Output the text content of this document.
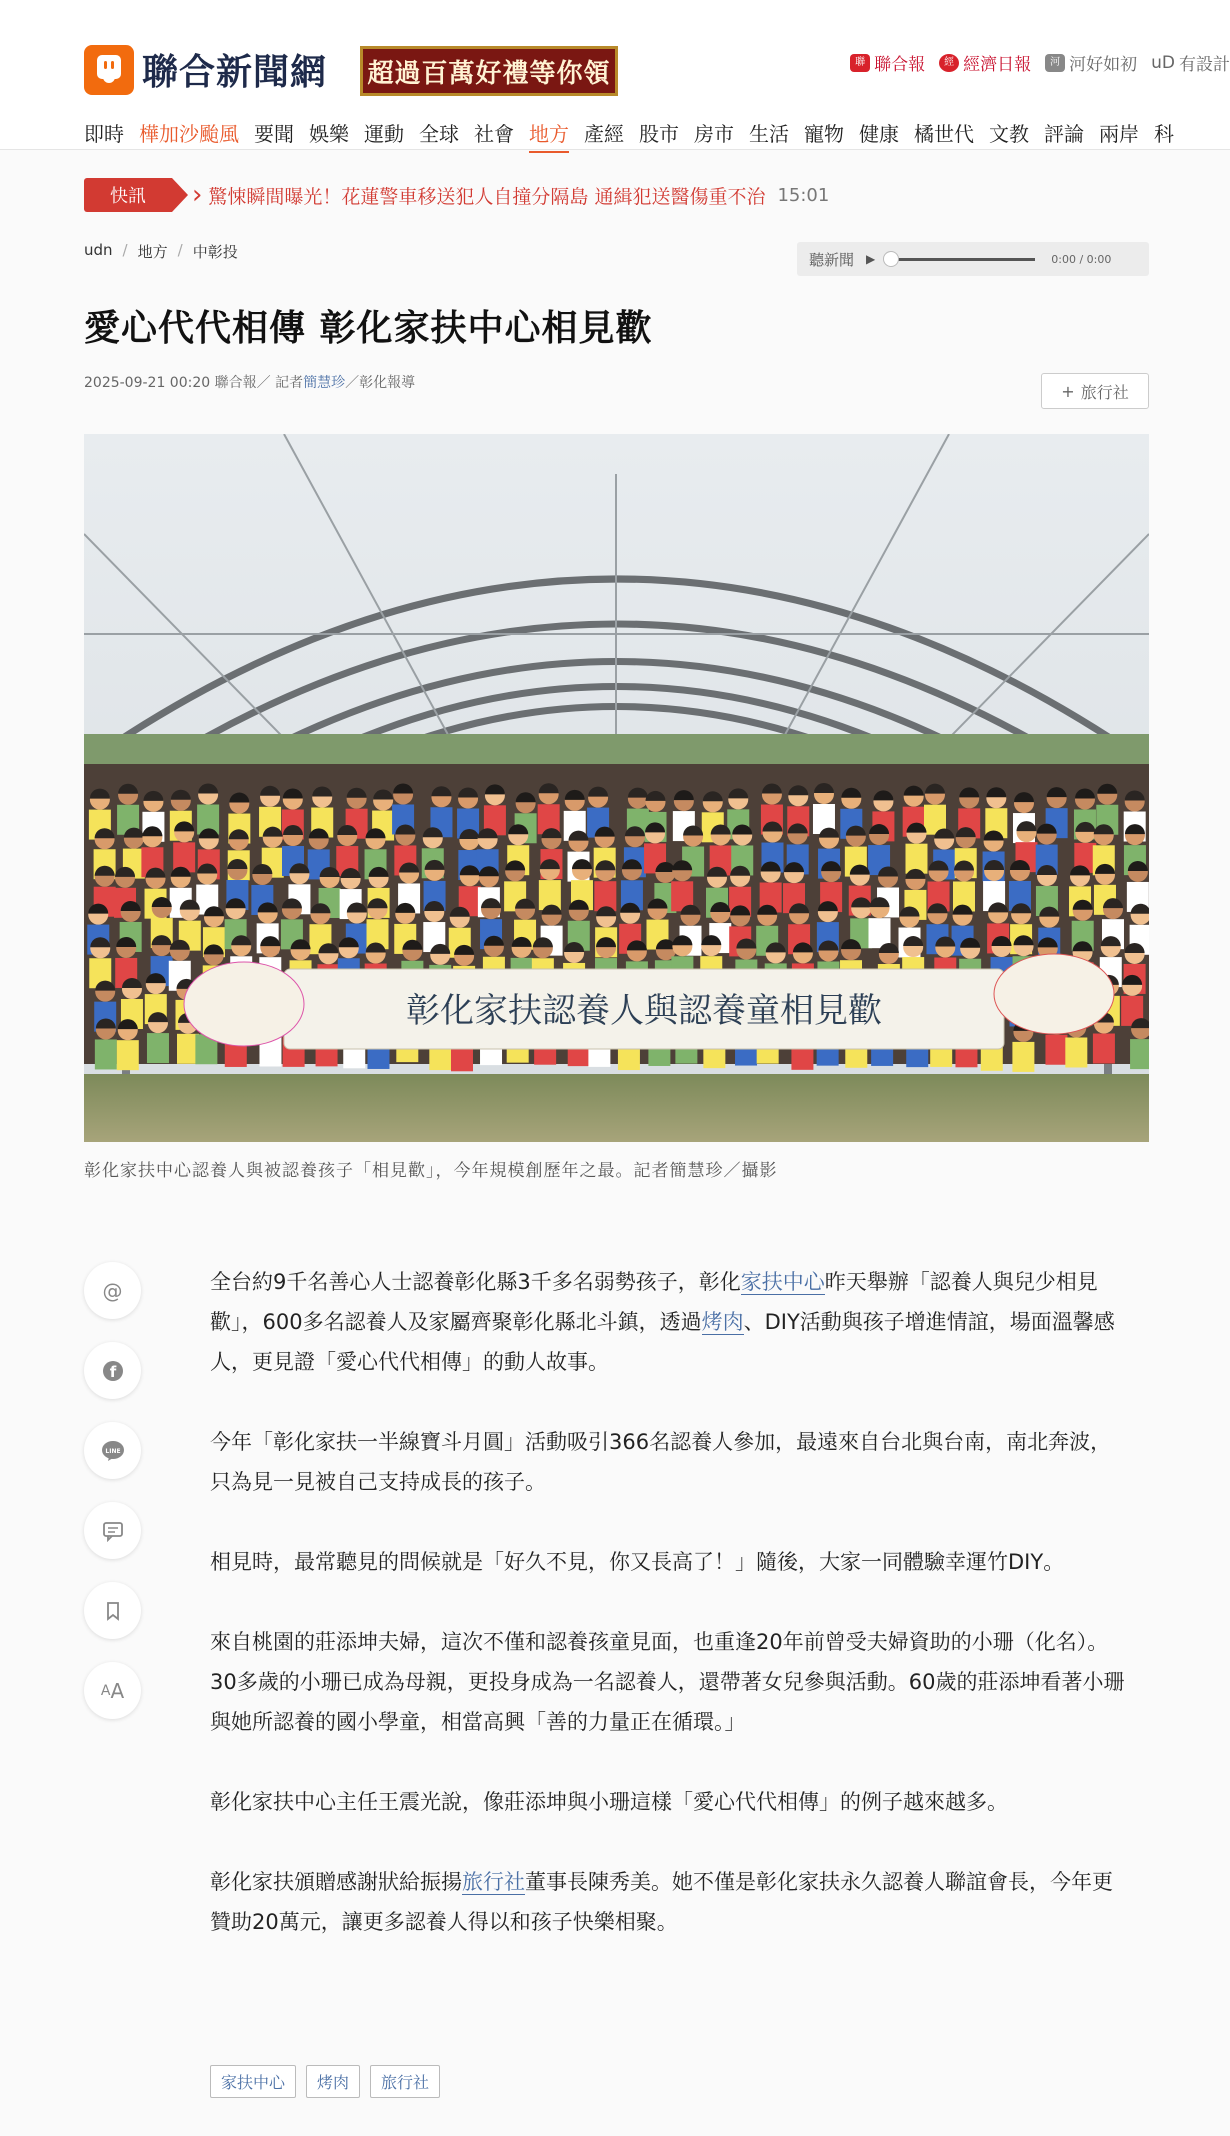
聯合新聞網 超過百萬好禮等你領	聯 聯合報	經 經濟日報	河 河好如初 uD 有設計
即時 樺加沙颱風 要聞 娛樂 運動 全球 社會 地方 產經 股市 房市 生活 寵物 健康 橘世代 文教 評論 兩岸 科
快訊	› 驚悚瞬間曝光！花蓮警車移送犯人自撞分隔島 通緝犯送醫傷重不治 15:01
udn / 地方 / 中彰投	聽新聞 ▶	0:00 / 0:00
愛心代代相傳 彰化家扶中心相見歡
2025-09-21 00:20 聯合報／ 記者簡慧珍／彰化報導	+ 旅行社
彰化家扶認養人與認養童相見歡
彰化家扶中心認養人與被認養孩子「相見歡」，今年規模創歷年之最。記者簡慧珍／攝影
@
f
LINE
A A

全台約9千名善心人士認養彰化縣3千多名弱勢孩子，彰化家扶中心昨天舉辦「認養人與兒少相見歡」，600多名認養人及家屬齊聚彰化縣北斗鎮，透過烤肉、DIY活動與孩子增進情誼，場面溫馨感人，更見證「愛心代代相傳」的動人故事。

今年「彰化家扶一半線寶斗月圓」活動吸引366名認養人參加，最遠來自台北與台南，南北奔波，只為見一見被自己支持成長的孩子。

相見時，最常聽見的問候就是「好久不見，你又長高了！」隨後，大家一同體驗幸運竹DIY。

來自桃園的莊添坤夫婦，這次不僅和認養孩童見面，也重逢20年前曾受夫婦資助的小珊（化名）。30多歲的小珊已成為母親，更投身成為一名認養人，還帶著女兒參與活動。60歲的莊添坤看著小珊與她所認養的國小學童，相當高興「善的力量正在循環。」

彰化家扶中心主任王震光說，像莊添坤與小珊這樣「愛心代代相傳」的例子越來越多。

彰化家扶頒贈感謝狀給振揚旅行社董事長陳秀美。她不僅是彰化家扶永久認養人聯誼會長，今年更贊助20萬元，讓更多認養人得以和孩子快樂相聚。

家扶中心	烤肉	旅行社
